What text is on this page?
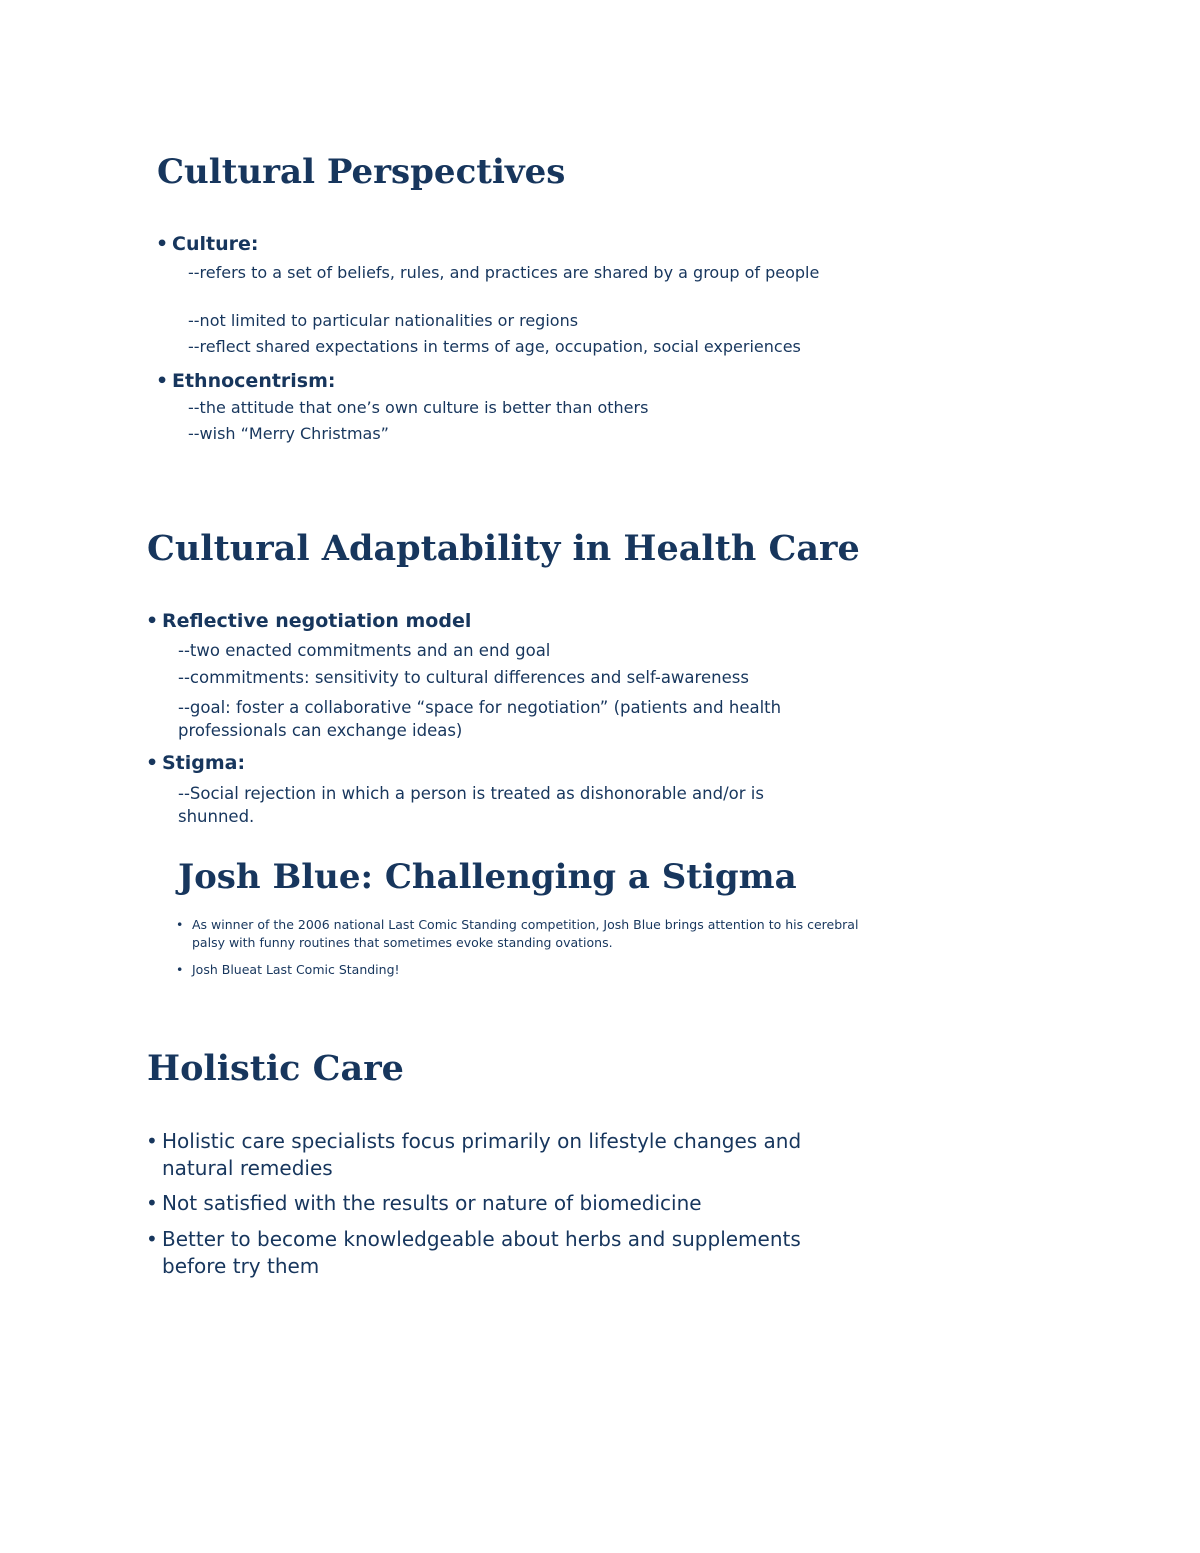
Cultural Perspectives
• Culture:

--refers to a set of beliefs, rules, and practices are shared by a group of people

--not limited to particular nationalities or regions

--reflect shared expectations in terms of age, occupation, social experiences

• Ethnocentrism:

--the attitude that one’s own culture is better than others

--wish “Merry Christmas”

Cultural Adaptability in Health Care
• Reflective negotiation model

--two enacted commitments and an end goal

--commitments: sensitivity to cultural differences and self-awareness

--goal: foster a collaborative “space for negotiation” (patients and health professionals can exchange ideas)

• Stigma:

--Social rejection in which a person is treated as dishonorable and/or is shunned.

Josh Blue: Challenging a Stigma
• As winner of the 2006 national Last Comic Standing competition, Josh Blue brings attention to his cerebral palsy with funny routines that sometimes evoke standing ovations.
• Josh Blueat Last Comic Standing!
Holistic Care
• Holistic care specialists focus primarily on lifestyle changes and natural remedies
• Not satisfied with the results or nature of biomedicine
• Better to become knowledgeable about herbs and supplements before try them
